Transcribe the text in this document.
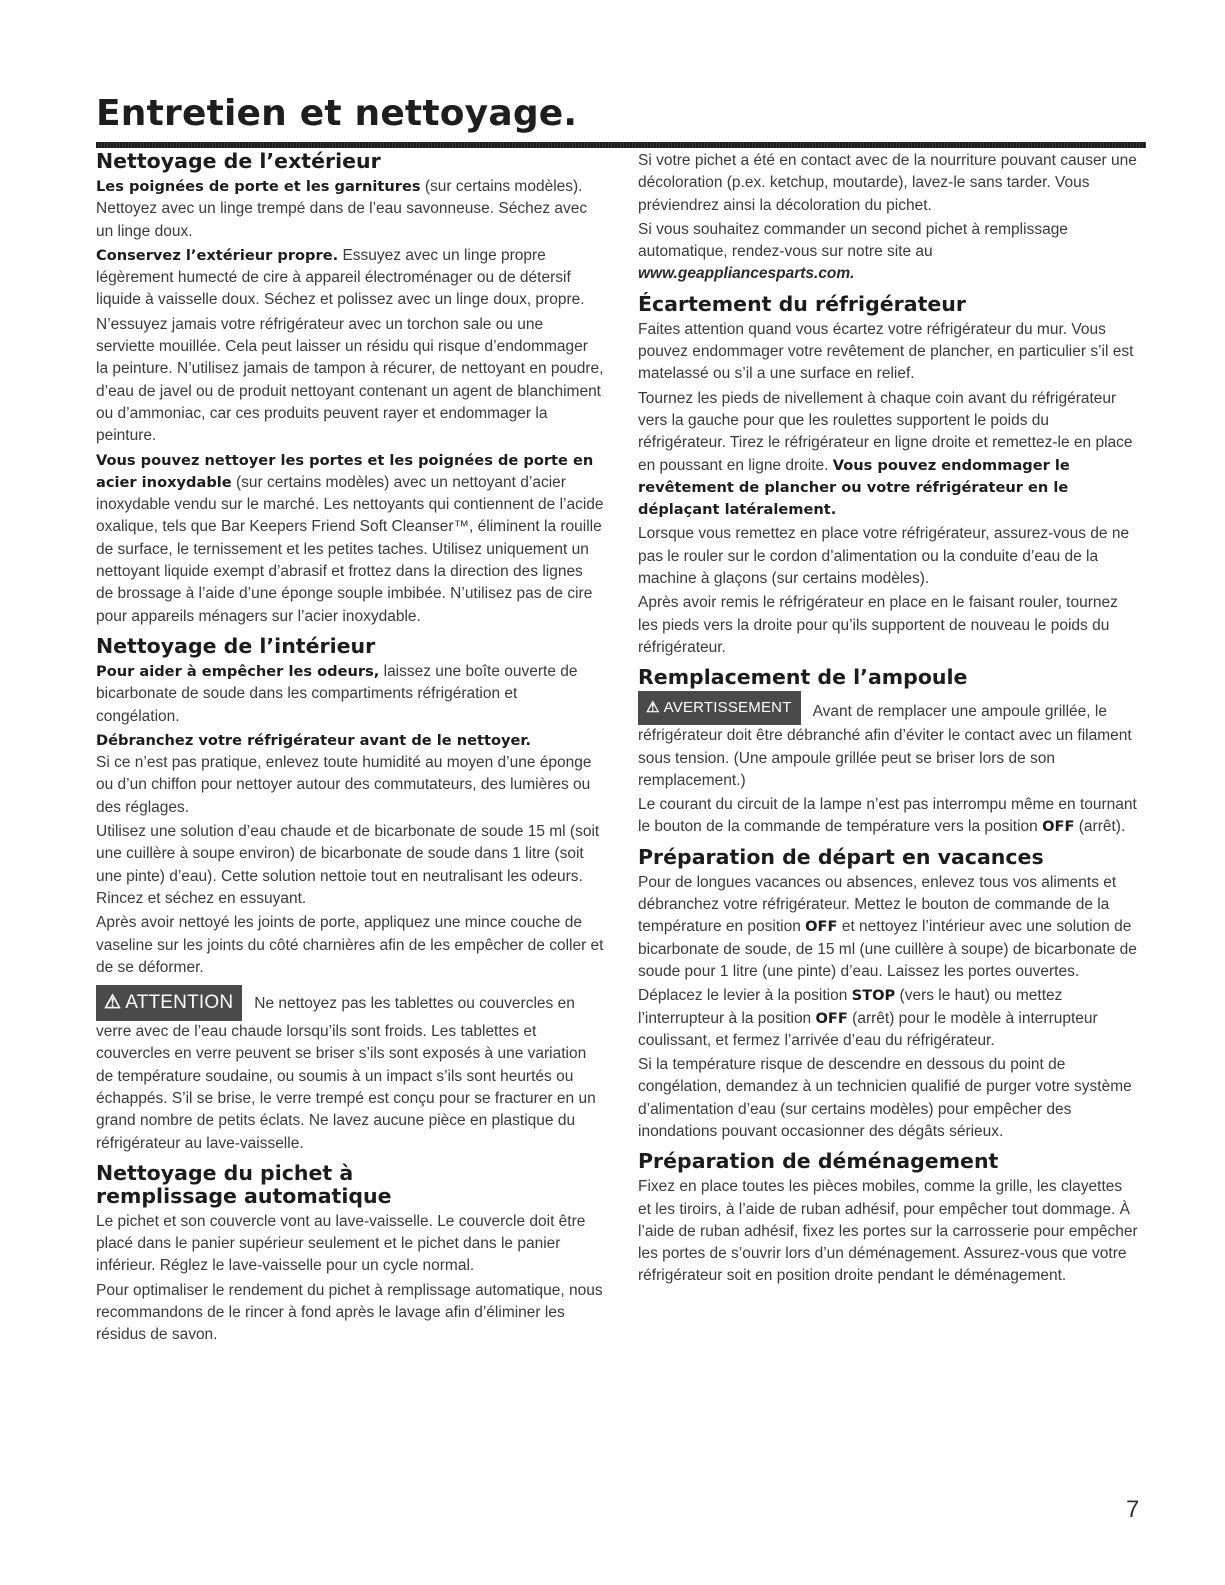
Entretien et nettoyage.
Nettoyage de l’extérieur

Les poignées de porte et les garnitures (sur certains modèles). Nettoyez avec un linge trempé dans de l’eau savonneuse. Séchez avec un linge doux.

Conservez l’extérieur propre. Essuyez avec un linge propre légèrement humecté de cire à appareil électroménager ou de détersif liquide à vaisselle doux. Séchez et polissez avec un linge doux, propre.

N’essuyez jamais votre réfrigérateur avec un torchon sale ou une serviette mouillée. Cela peut laisser un résidu qui risque d’endommager la peinture. N’utilisez jamais de tampon à récurer, de nettoyant en poudre, d’eau de javel ou de produit nettoyant contenant un agent de blanchiment ou d’ammoniac, car ces produits peuvent rayer et endommager la peinture.

Vous pouvez nettoyer les portes et les poignées de porte en acier inoxydable (sur certains modèles) avec un nettoyant d’acier inoxydable vendu sur le marché. Les nettoyants qui contiennent de l’acide oxalique, tels que Bar Keepers Friend Soft Cleanser™, éliminent la rouille de surface, le ternissement et les petites taches. Utilisez uniquement un nettoyant liquide exempt d’abrasif et frottez dans la direction des lignes de brossage à l’aide d’une éponge souple imbibée. N’utilisez pas de cire pour appareils ménagers sur l’acier inoxydable.

Nettoyage de l’intérieur

Pour aider à empêcher les odeurs, laissez une boîte ouverte de bicarbonate de soude dans les compartiments réfrigération et congélation.

Débranchez votre réfrigérateur avant de le nettoyer.
Si ce n’est pas pratique, enlevez toute humidité au moyen d’une éponge ou d’un chiffon pour nettoyer autour des commutateurs, des lumières ou des réglages.

Utilisez une solution d’eau chaude et de bicarbonate de soude 15 ml (soit une cuillère à soupe environ) de bicarbonate de soude dans 1 litre (soit une pinte) d’eau). Cette solution nettoie tout en neutralisant les odeurs. Rincez et séchez en essuyant.

Après avoir nettoyé les joints de porte, appliquez une mince couche de vaseline sur les joints du côté charnières afin de les empêcher de coller et de se déformer.

⚠ ATTENTION Ne nettoyez pas les tablettes ou couvercles en verre avec de l’eau chaude lorsqu’ils sont froids. Les tablettes et couvercles en verre peuvent se briser s’ils sont exposés à une variation de température soudaine, ou soumis à un impact s’ils sont heurtés ou échappés. S’il se brise, le verre trempé est conçu pour se fracturer en un grand nombre de petits éclats. Ne lavez aucune pièce en plastique du réfrigérateur au lave-vaisselle.

Nettoyage du pichet à remplissage automatique

Le pichet et son couvercle vont au lave-vaisselle. Le couvercle doit être placé dans le panier supérieur seulement et le pichet dans le panier inférieur. Réglez le lave-vaisselle pour un cycle normal.

Pour optimaliser le rendement du pichet à remplissage automatique, nous recommandons de le rincer à fond après le lavage afin d’éliminer les résidus de savon.

Si votre pichet a été en contact avec de la nourriture pouvant causer une décoloration (p.ex. ketchup, moutarde), lavez-le sans tarder. Vous préviendrez ainsi la décoloration du pichet.

Si vous souhaitez commander un second pichet à remplissage automatique, rendez-vous sur notre site au www.geappliancesparts.com.

Écartement du réfrigérateur

Faites attention quand vous écartez votre réfrigérateur du mur. Vous pouvez endommager votre revêtement de plancher, en particulier s’il est matelassé ou s’il a une surface en relief.

Tournez les pieds de nivellement à chaque coin avant du réfrigérateur vers la gauche pour que les roulettes supportent le poids du réfrigérateur. Tirez le réfrigérateur en ligne droite et remettez-le en place en poussant en ligne droite. Vous pouvez endommager le revêtement de plancher ou votre réfrigérateur en le déplaçant latéralement.

Lorsque vous remettez en place votre réfrigérateur, assurez-vous de ne pas le rouler sur le cordon d’alimentation ou la conduite d’eau de la machine à glaçons (sur certains modèles).

Après avoir remis le réfrigérateur en place en le faisant rouler, tournez les pieds vers la droite pour qu’ils supportent de nouveau le poids du réfrigérateur.

Remplacement de l’ampoule

⚠ AVERTISSEMENT Avant de remplacer une ampoule grillée, le réfrigérateur doit être débranché afin d’éviter le contact avec un filament sous tension. (Une ampoule grillée peut se briser lors de son remplacement.)

Le courant du circuit de la lampe n’est pas interrompu même en tournant le bouton de la commande de température vers la position OFF (arrêt).

Préparation de départ en vacances

Pour de longues vacances ou absences, enlevez tous vos aliments et débranchez votre réfrigérateur. Mettez le bouton de commande de la température en position OFF et nettoyez l’intérieur avec une solution de bicarbonate de soude, de 15 ml (une cuillère à soupe) de bicarbonate de soude pour 1 litre (une pinte) d’eau. Laissez les portes ouvertes.

Déplacez le levier à la position STOP (vers le haut) ou mettez l’interrupteur à la position OFF (arrêt) pour le modèle à interrupteur coulissant, et fermez l’arrivée d’eau du réfrigérateur.

Si la température risque de descendre en dessous du point de congélation, demandez à un technicien qualifié de purger votre système d’alimentation d’eau (sur certains modèles) pour empêcher des inondations pouvant occasionner des dégâts sérieux.

Préparation de déménagement

Fixez en place toutes les pièces mobiles, comme la grille, les clayettes et les tiroirs, à l’aide de ruban adhésif, pour empêcher tout dommage. À l’aide de ruban adhésif, fixez les portes sur la carrosserie pour empêcher les portes de s’ouvrir lors d’un déménagement. Assurez-vous que votre réfrigérateur soit en position droite pendant le déménagement.

7
